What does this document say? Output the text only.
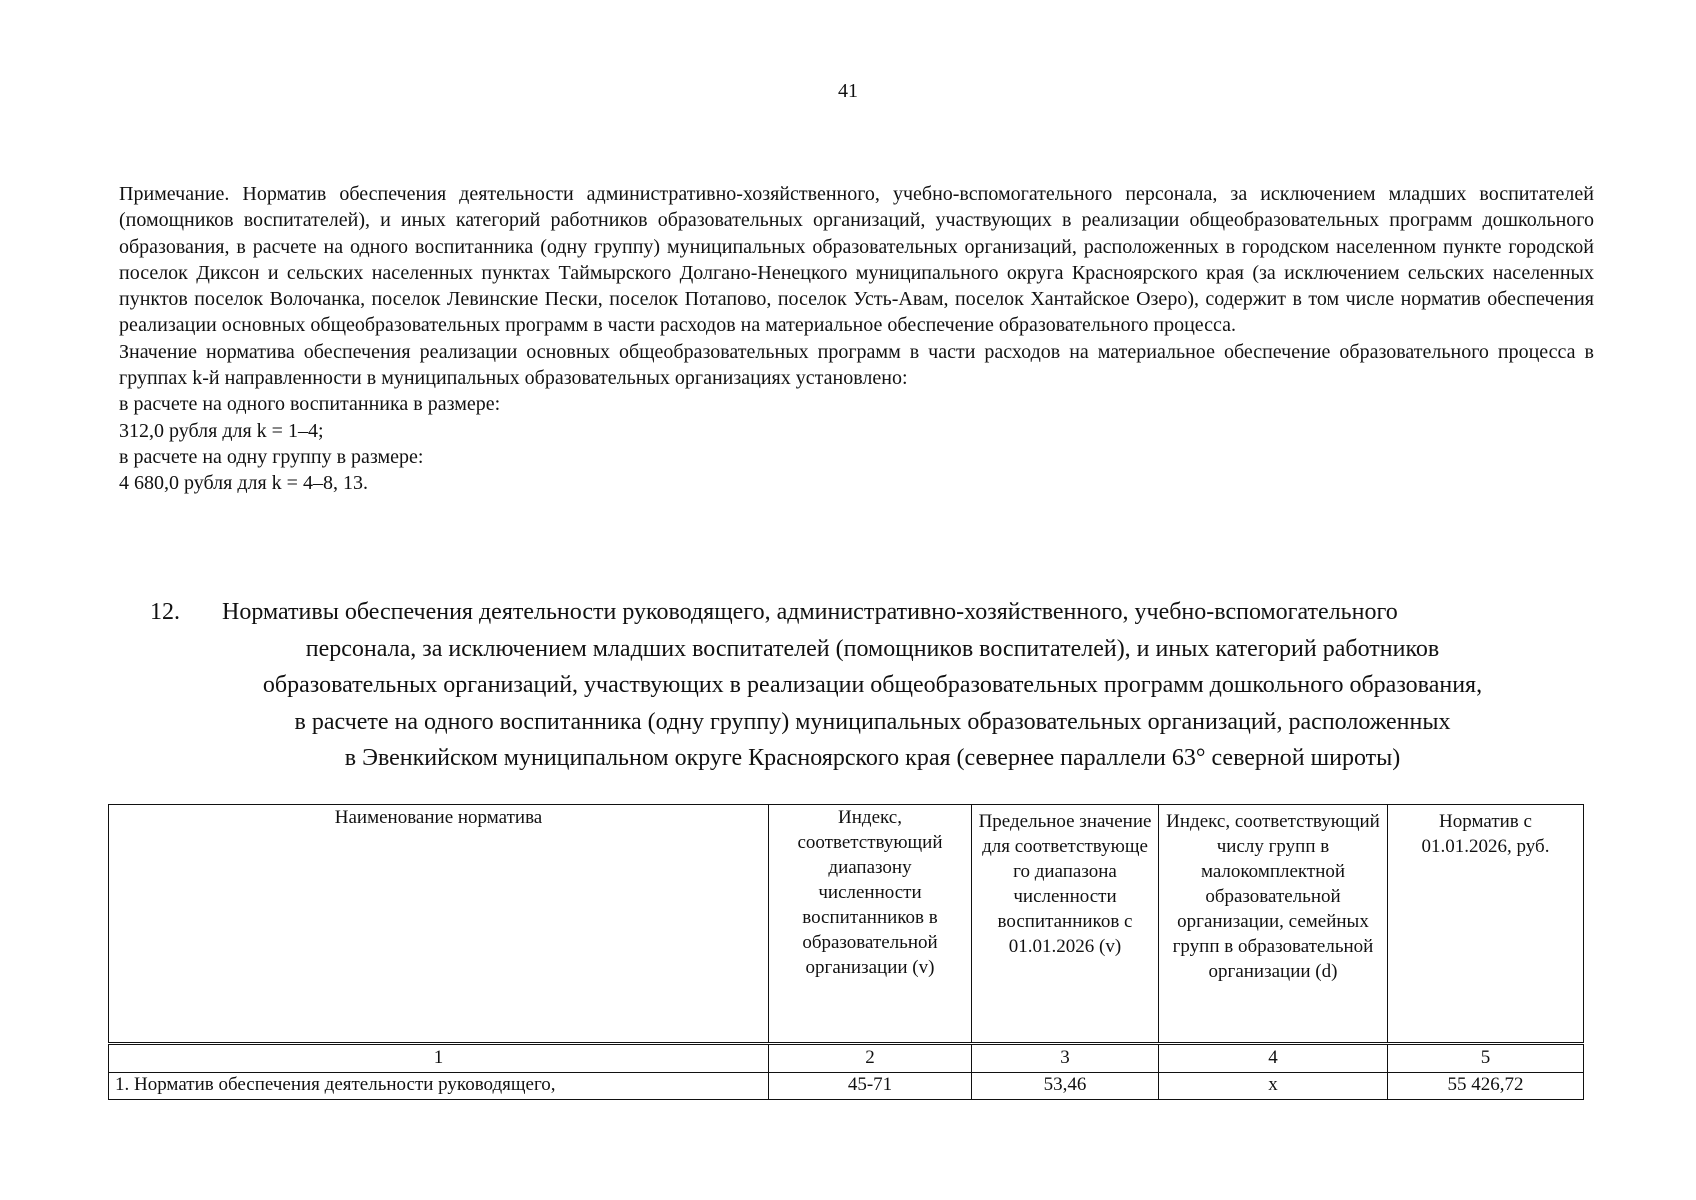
41

Примечание. Норматив обеспечения деятельности административно-хозяйственного, учебно-вспомогательного персонала, за исключением младших воспитателей (помощников воспитателей), и иных категорий работников образовательных организаций, участвующих в реализации общеобразовательных программ дошкольного образования, в расчете на одного воспитанника (одну группу) муниципальных образовательных организаций, расположенных в городском населенном пункте городской поселок Диксон и сельских населенных пунктах Таймырского Долгано-Ненецкого муниципального округа Красноярского края (за исключением сельских населенных пунктов поселок Волочанка, поселок Левинские Пески, поселок Потапово, поселок Усть-Авам, поселок Хантайское Озеро), содержит в том числе норматив обеспечения реализации основных общеобразовательных программ в части расходов на материальное обеспечение образовательного процесса.

Значение норматива обеспечения реализации основных общеобразовательных программ в части расходов на материальное обеспечение образовательного процесса в группах k-й направленности в муниципальных образовательных организациях установлено:

в расчете на одного воспитанника в размере:

312,0 рубля для k = 1–4;

в расчете на одну группу в размере:

4 680,0 рубля для k = 4–8, 13.

12. Нормативы обеспечения деятельности руководящего, административно-хозяйственного, учебно-вспомогательного
персонала, за исключением младших воспитателей (помощников воспитателей), и иных категорий работников
образовательных организаций, участвующих в реализации общеобразовательных программ дошкольного образования,
в расчете на одного воспитанника (одну группу) муниципальных образовательных организаций, расположенных
в Эвенкийском муниципальном округе Красноярского края (севернее параллели 63° северной широты)
Наименование норматива	Индекс, соответствующий диапазону численности воспитанников в образовательной организации (v)	Предельное значение для соответствующе го диапазона численности воспитанников с 01.01.2026 (v)	Индекс, соответствующий числу групп в малокомплектной образовательной организации, семейных групп в образовательной организации (d)	Норматив с 01.01.2026, руб.
1	2	3	4	5
1. Норматив обеспечения деятельности руководящего,	45-71	53,46	x	55 426,72
